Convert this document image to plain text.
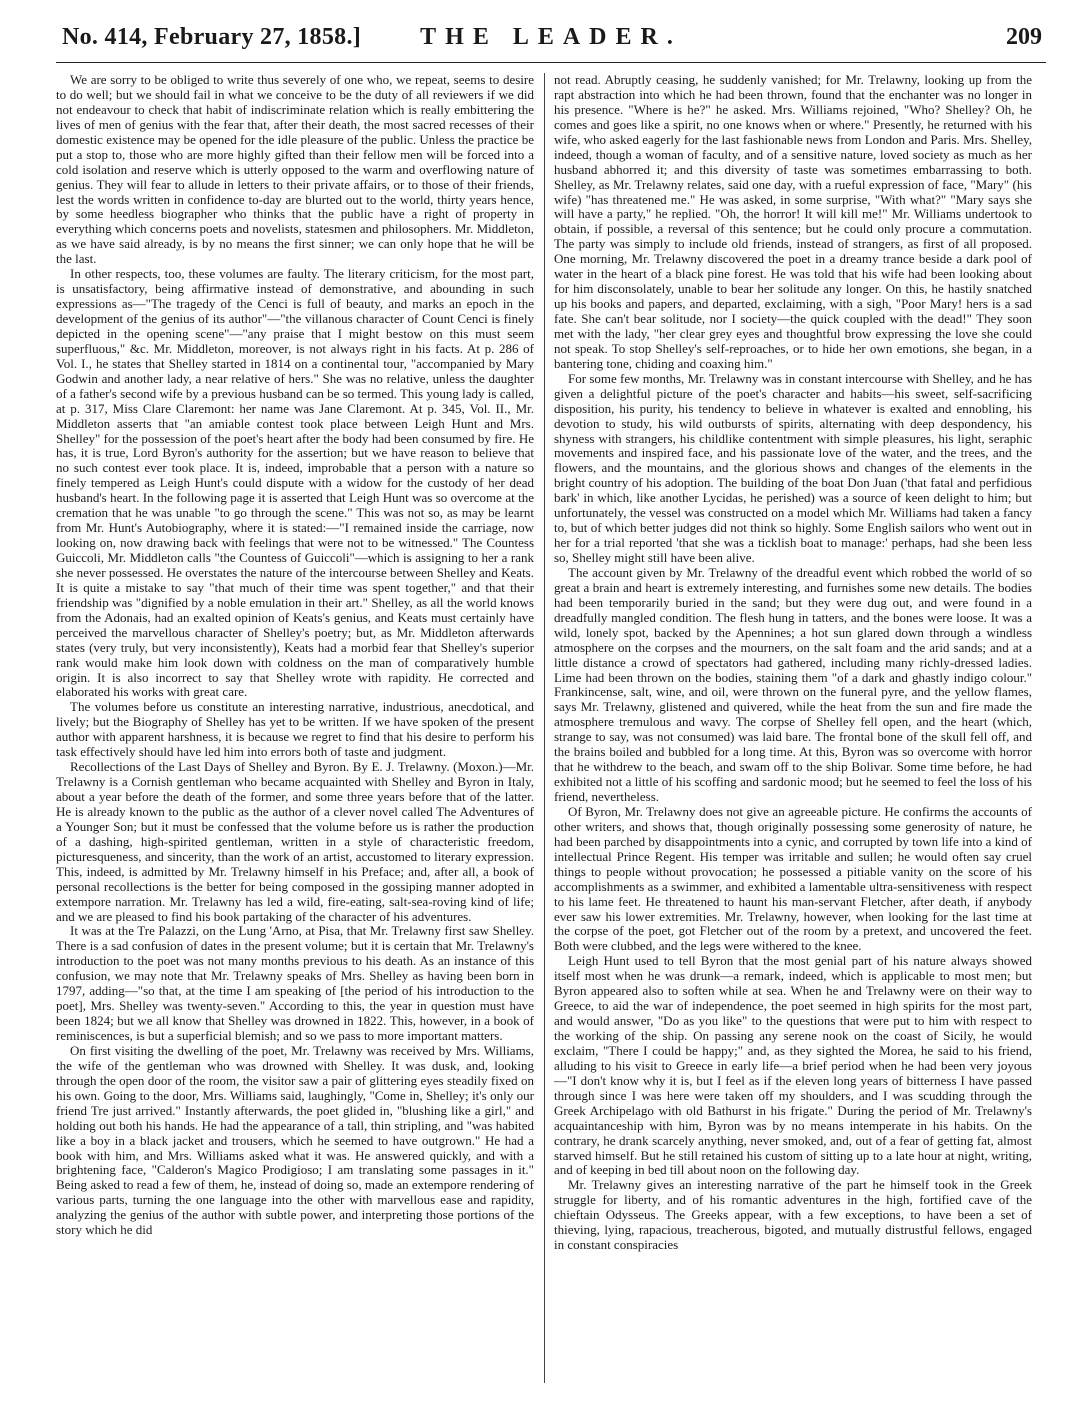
No. 414, February 27, 1858.]	THE LEADER.	209

We are sorry to be obliged to write thus severely of one who, we repeat, seems to desire to do well; but we should fail in what we conceive to be the duty of all reviewers if we did not endeavour to check that habit of indiscriminate relation which is really embittering the lives of men of genius with the fear that, after their death, the most sacred recesses of their domestic existence may be opened for the idle pleasure of the public. Unless the practice be put a stop to, those who are more highly gifted than their fellow men will be forced into a cold isolation and reserve which is utterly opposed to the warm and overflowing nature of genius. They will fear to allude in letters to their private affairs, or to those of their friends, lest the words written in confidence to-day are blurted out to the world, thirty years hence, by some heedless biographer who thinks that the public have a right of property in everything which concerns poets and novelists, statesmen and philosophers. Mr. Middleton, as we have said already, is by no means the first sinner; we can only hope that he will be the last.

In other respects, too, these volumes are faulty. The literary criticism, for the most part, is unsatisfactory, being affirmative instead of demonstrative, and abounding in such expressions as—"The tragedy of the Cenci is full of beauty, and marks an epoch in the development of the genius of its author"—"the villanous character of Count Cenci is finely depicted in the opening scene"—"any praise that I might bestow on this must seem superfluous," &c. Mr. Middleton, moreover, is not always right in his facts. At p. 286 of Vol. I., he states that Shelley started in 1814 on a continental tour, "accompanied by Mary Godwin and another lady, a near relative of hers." She was no relative, unless the daughter of a father's second wife by a previous husband can be so termed. This young lady is called, at p. 317, Miss Clare Claremont: her name was Jane Claremont. At p. 345, Vol. II., Mr. Middleton asserts that "an amiable contest took place between Leigh Hunt and Mrs. Shelley" for the possession of the poet's heart after the body had been consumed by fire. He has, it is true, Lord Byron's authority for the assertion; but we have reason to believe that no such contest ever took place. It is, indeed, improbable that a person with a nature so finely tempered as Leigh Hunt's could dispute with a widow for the custody of her dead husband's heart. In the following page it is asserted that Leigh Hunt was so overcome at the cremation that he was unable "to go through the scene." This was not so, as may be learnt from Mr. Hunt's Autobiography, where it is stated:—"I remained inside the carriage, now looking on, now drawing back with feelings that were not to be witnessed." The Countess Guiccoli, Mr. Middleton calls "the Countess of Guiccoli"—which is assigning to her a rank she never possessed. He overstates the nature of the intercourse between Shelley and Keats. It is quite a mistake to say "that much of their time was spent together," and that their friendship was "dignified by a noble emulation in their art." Shelley, as all the world knows from the Adonais, had an exalted opinion of Keats's genius, and Keats must certainly have perceived the marvellous character of Shelley's poetry; but, as Mr. Middleton afterwards states (very truly, but very inconsistently), Keats had a morbid fear that Shelley's superior rank would make him look down with coldness on the man of comparatively humble origin. It is also incorrect to say that Shelley wrote with rapidity. He corrected and elaborated his works with great care.

The volumes before us constitute an interesting narrative, industrious, anecdotical, and lively; but the Biography of Shelley has yet to be written. If we have spoken of the present author with apparent harshness, it is because we regret to find that his desire to perform his task effectively should have led him into errors both of taste and judgment.

Recollections of the Last Days of Shelley and Byron. By E. J. Trelawny. (Moxon.)—Mr. Trelawny is a Cornish gentleman who became acquainted with Shelley and Byron in Italy, about a year before the death of the former, and some three years before that of the latter. He is already known to the public as the author of a clever novel called The Adventures of a Younger Son; but it must be confessed that the volume before us is rather the production of a dashing, high-spirited gentleman, written in a style of characteristic freedom, picturesqueness, and sincerity, than the work of an artist, accustomed to literary expression. This, indeed, is admitted by Mr. Trelawny himself in his Preface; and, after all, a book of personal recollections is the better for being composed in the gossiping manner adopted in extempore narration. Mr. Trelawny has led a wild, fire-eating, salt-sea-roving kind of life; and we are pleased to find his book partaking of the character of his adventures.

It was at the Tre Palazzi, on the Lung 'Arno, at Pisa, that Mr. Trelawny first saw Shelley. There is a sad confusion of dates in the present volume; but it is certain that Mr. Trelawny's introduction to the poet was not many months previous to his death. As an instance of this confusion, we may note that Mr. Trelawny speaks of Mrs. Shelley as having been born in 1797, adding—"so that, at the time I am speaking of [the period of his introduction to the poet], Mrs. Shelley was twenty-seven." According to this, the year in question must have been 1824; but we all know that Shelley was drowned in 1822. This, however, in a book of reminiscences, is but a superficial blemish; and so we pass to more important matters.

On first visiting the dwelling of the poet, Mr. Trelawny was received by Mrs. Williams, the wife of the gentleman who was drowned with Shelley. It was dusk, and, looking through the open door of the room, the visitor saw a pair of glittering eyes steadily fixed on his own. Going to the door, Mrs. Williams said, laughingly, "Come in, Shelley; it's only our friend Tre just arrived." Instantly afterwards, the poet glided in, "blushing like a girl," and holding out both his hands. He had the appearance of a tall, thin stripling, and "was habited like a boy in a black jacket and trousers, which he seemed to have outgrown." He had a book with him, and Mrs. Williams asked what it was. He answered quickly, and with a brightening face, "Calderon's Magico Prodigioso; I am translating some passages in it." Being asked to read a few of them, he, instead of doing so, made an extempore rendering of various parts, turning the one language into the other with marvellous ease and rapidity, analyzing the genius of the author with subtle power, and interpreting those portions of the story which he did

not read. Abruptly ceasing, he suddenly vanished; for Mr. Trelawny, looking up from the rapt abstraction into which he had been thrown, found that the enchanter was no longer in his presence. "Where is he?" he asked. Mrs. Williams rejoined, "Who? Shelley? Oh, he comes and goes like a spirit, no one knows when or where." Presently, he returned with his wife, who asked eagerly for the last fashionable news from London and Paris. Mrs. Shelley, indeed, though a woman of faculty, and of a sensitive nature, loved society as much as her husband abhorred it; and this diversity of taste was sometimes embarrassing to both. Shelley, as Mr. Trelawny relates, said one day, with a rueful expression of face, "Mary" (his wife) "has threatened me." He was asked, in some surprise, "With what?" "Mary says she will have a party," he replied. "Oh, the horror! It will kill me!" Mr. Williams undertook to obtain, if possible, a reversal of this sentence; but he could only procure a commutation. The party was simply to include old friends, instead of strangers, as first of all proposed. One morning, Mr. Trelawny discovered the poet in a dreamy trance beside a dark pool of water in the heart of a black pine forest. He was told that his wife had been looking about for him disconsolately, unable to bear her solitude any longer. On this, he hastily snatched up his books and papers, and departed, exclaiming, with a sigh, "Poor Mary! hers is a sad fate. She can't bear solitude, nor I society—the quick coupled with the dead!" They soon met with the lady, "her clear grey eyes and thoughtful brow expressing the love she could not speak. To stop Shelley's self-reproaches, or to hide her own emotions, she began, in a bantering tone, chiding and coaxing him."

For some few months, Mr. Trelawny was in constant intercourse with Shelley, and he has given a delightful picture of the poet's character and habits—his sweet, self-sacrificing disposition, his purity, his tendency to believe in whatever is exalted and ennobling, his devotion to study, his wild outbursts of spirits, alternating with deep despondency, his shyness with strangers, his childlike contentment with simple pleasures, his light, seraphic movements and inspired face, and his passionate love of the water, and the trees, and the flowers, and the mountains, and the glorious shows and changes of the elements in the bright country of his adoption. The building of the boat Don Juan ('that fatal and perfidious bark' in which, like another Lycidas, he perished) was a source of keen delight to him; but unfortunately, the vessel was constructed on a model which Mr. Williams had taken a fancy to, but of which better judges did not think so highly. Some English sailors who went out in her for a trial reported 'that she was a ticklish boat to manage:' perhaps, had she been less so, Shelley might still have been alive.

The account given by Mr. Trelawny of the dreadful event which robbed the world of so great a brain and heart is extremely interesting, and furnishes some new details. The bodies had been temporarily buried in the sand; but they were dug out, and were found in a dreadfully mangled condition. The flesh hung in tatters, and the bones were loose. It was a wild, lonely spot, backed by the Apennines; a hot sun glared down through a windless atmosphere on the corpses and the mourners, on the salt foam and the arid sands; and at a little distance a crowd of spectators had gathered, including many richly-dressed ladies. Lime had been thrown on the bodies, staining them "of a dark and ghastly indigo colour." Frankincense, salt, wine, and oil, were thrown on the funeral pyre, and the yellow flames, says Mr. Trelawny, glistened and quivered, while the heat from the sun and fire made the atmosphere tremulous and wavy. The corpse of Shelley fell open, and the heart (which, strange to say, was not consumed) was laid bare. The frontal bone of the skull fell off, and the brains boiled and bubbled for a long time. At this, Byron was so overcome with horror that he withdrew to the beach, and swam off to the ship Bolivar. Some time before, he had exhibited not a little of his scoffing and sardonic mood; but he seemed to feel the loss of his friend, nevertheless.

Of Byron, Mr. Trelawny does not give an agreeable picture. He confirms the accounts of other writers, and shows that, though originally possessing some generosity of nature, he had been parched by disappointments into a cynic, and corrupted by town life into a kind of intellectual Prince Regent. His temper was irritable and sullen; he would often say cruel things to people without provocation; he possessed a pitiable vanity on the score of his accomplishments as a swimmer, and exhibited a lamentable ultra-sensitiveness with respect to his lame feet. He threatened to haunt his man-servant Fletcher, after death, if anybody ever saw his lower extremities. Mr. Trelawny, however, when looking for the last time at the corpse of the poet, got Fletcher out of the room by a pretext, and uncovered the feet. Both were clubbed, and the legs were withered to the knee.

Leigh Hunt used to tell Byron that the most genial part of his nature always showed itself most when he was drunk—a remark, indeed, which is applicable to most men; but Byron appeared also to soften while at sea. When he and Trelawny were on their way to Greece, to aid the war of independence, the poet seemed in high spirits for the most part, and would answer, "Do as you like" to the questions that were put to him with respect to the working of the ship. On passing any serene nook on the coast of Sicily, he would exclaim, "There I could be happy;" and, as they sighted the Morea, he said to his friend, alluding to his visit to Greece in early life—a brief period when he had been very joyous—"I don't know why it is, but I feel as if the eleven long years of bitterness I have passed through since I was here were taken off my shoulders, and I was scudding through the Greek Archipelago with old Bathurst in his frigate." During the period of Mr. Trelawny's acquaintanceship with him, Byron was by no means intemperate in his habits. On the contrary, he drank scarcely anything, never smoked, and, out of a fear of getting fat, almost starved himself. But he still retained his custom of sitting up to a late hour at night, writing, and of keeping in bed till about noon on the following day.

Mr. Trelawny gives an interesting narrative of the part he himself took in the Greek struggle for liberty, and of his romantic adventures in the high, fortified cave of the chieftain Odysseus. The Greeks appear, with a few exceptions, to have been a set of thieving, lying, rapacious, treacherous, bigoted, and mutually distrustful fellows, engaged in constant conspiracies
